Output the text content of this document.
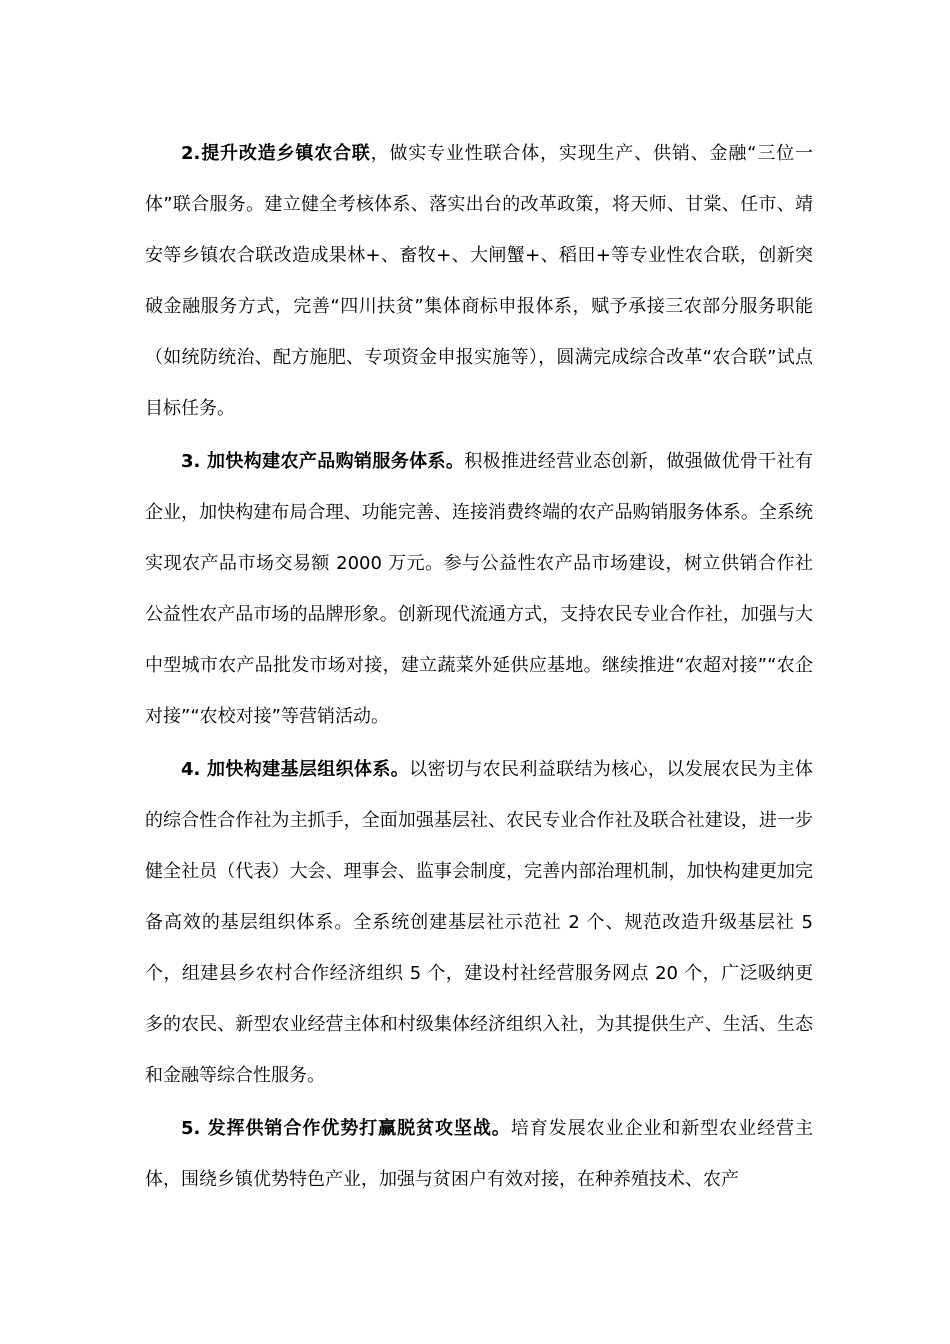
2.提升改造乡镇农合联，做实专业性联合体，实现生产、供销、金融“三位一体”联合服务。建立健全考核体系、落实出台的改革政策，将天师、甘棠、任市、靖安等乡镇农合联改造成果林+、畜牧+、大闸蟹+、稻田+等专业性农合联，创新突破金融服务方式，完善“四川扶贫”集体商标申报体系，赋予承接三农部分服务职能（如统防统治、配方施肥、专项资金申报实施等），圆满完成综合改革“农合联”试点目标任务。

3. 加快构建农产品购销服务体系。积极推进经营业态创新，做强做优骨干社有企业，加快构建布局合理、功能完善、连接消费终端的农产品购销服务体系。全系统实现农产品市场交易额 2000 万元。参与公益性农产品市场建设，树立供销合作社公益性农产品市场的品牌形象。创新现代流通方式，支持农民专业合作社，加强与大中型城市农产品批发市场对接，建立蔬菜外延供应基地。继续推进“农超对接”“农企对接”“农校对接”等营销活动。

4. 加快构建基层组织体系。以密切与农民利益联结为核心，以发展农民为主体的综合性合作社为主抓手，全面加强基层社、农民专业合作社及联合社建设，进一步健全社员（代表）大会、理事会、监事会制度，完善内部治理机制，加快构建更加完备高效的基层组织体系。全系统创建基层社示范社 2 个、规范改造升级基层社 5 个，组建县乡农村合作经济组织 5 个，建设村社经营服务网点 20 个，广泛吸纳更多的农民、新型农业经营主体和村级集体经济组织入社，为其提供生产、生活、生态和金融等综合性服务。

5. 发挥供销合作优势打赢脱贫攻坚战。培育发展农业企业和新型农业经营主体，围绕乡镇优势特色产业，加强与贫困户有效对接，在种养殖技术、农产
